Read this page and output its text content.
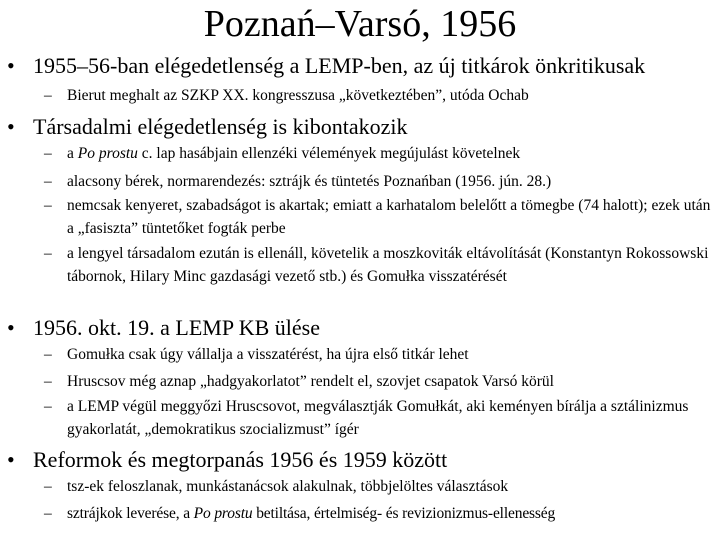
Poznań–Varsó, 1956
• 1955–56-ban elégedetlenség a LEMP-ben, az új titkárok önkritikusak
– Bierut meghalt az SZKP XX. kongresszusa „következtében”, utóda Ochab
• Társadalmi elégedetlenség is kibontakozik
– a Po prostu c. lap hasábjain ellenzéki vélemények megújulást követelnek
– alacsony bérek, normarendezés: sztrájk és tüntetés Poznańban (1956. jún. 28.)
– nemcsak kenyeret, szabadságot is akartak; emiatt a karhatalom belelőtt a tömegbe (74 halott); ezek után a „fasiszta” tüntetőket fogták perbe
– a lengyel társadalom ezután is ellenáll, követelik a moszkoviták eltávolítását (Konstantyn Rokossowski tábornok, Hilary Minc gazdasági vezető stb.) és Gomułka visszatérését
• 1956. okt. 19. a LEMP KB ülése
– Gomułka csak úgy vállalja a visszatérést, ha újra első titkár lehet
– Hruscsov még aznap „hadgyakorlatot” rendelt el, szovjet csapatok Varsó körül
– a LEMP végül meggyőzi Hruscsovot, megválasztják Gomułkát, aki keményen bírálja a sztálinizmus gyakorlatát, „demokratikus szocializmust” ígér
• Reformok és megtorpanás 1956 és 1959 között
– tsz-ek feloszlanak, munkástanácsok alakulnak, többjelöltes választások
– sztrájkok leverése, a Po prostu betiltása, értelmiség- és revizionizmus-ellenesség
